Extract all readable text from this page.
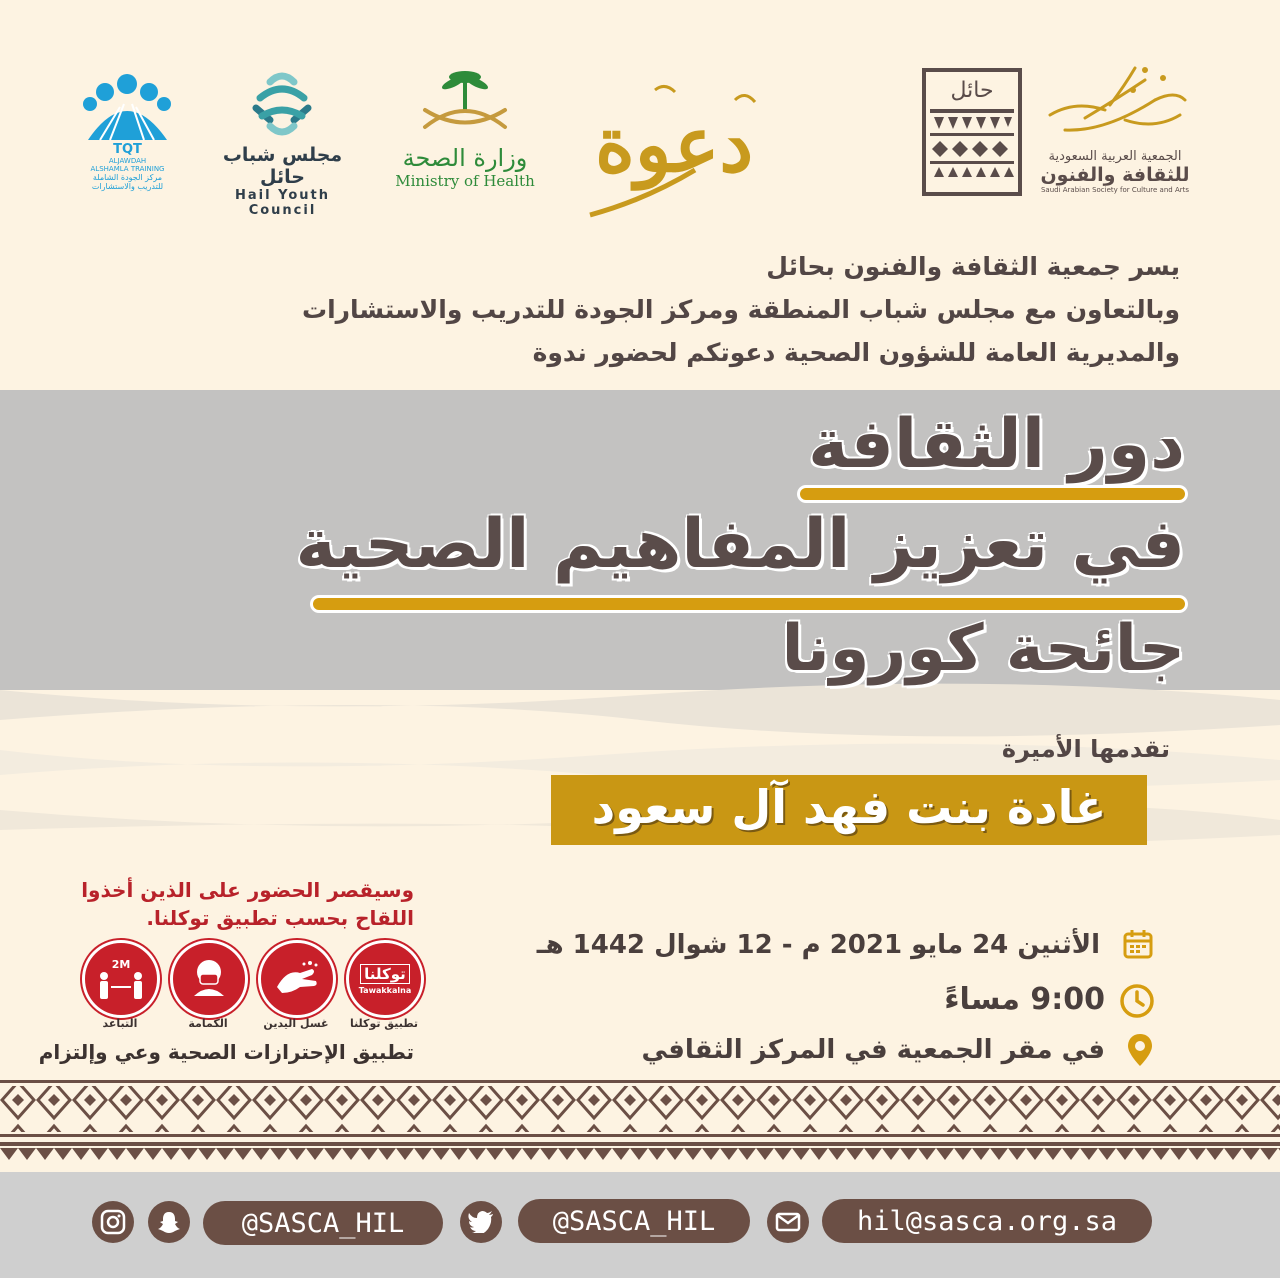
TQT
ALJAWDAH
ALSHAMLA TRAINING
مركز الجودة الشاملة
للتدريب والاستشارات
مجلس شباب حائل
Hail Youth Council
وزارة الصحة
Ministry of Health دعوة
حائل
الجمعية العربية السعودية
للثقافة والفنون
Saudi Arabian Society for Culture and Arts
يسر جمعية الثقافة والفنون بحائل
وبالتعاون مع مجلس شباب المنطقة ومركز الجودة للتدريب والاستشارات
والمديرية العامة للشؤون الصحية دعوتكم لحضور ندوة
دور الثقافة
في تعزيز المفاهيم الصحية
جائحة كورونا
تقدمها الأميرة
غادة بنت فهد آل سعود
الأثنين 24 مايو 2021 م - 12 شوال 1442 هـ
9:00 مساءً
في مقر الجمعية في المركز الثقافي
وسيقصر الحضور على الذين أخذوا
اللقاح بحسب تطبيق توكلنا.
توكلنا
Tawakkalna
2M
تطبيق توكلنا
غسل اليدين
الكمامة
التباعد
تطبيق الإحترازات الصحية وعي وإلتزام
@SASCA_HIL	@SASCA_HIL	hil@sasca.org.sa
